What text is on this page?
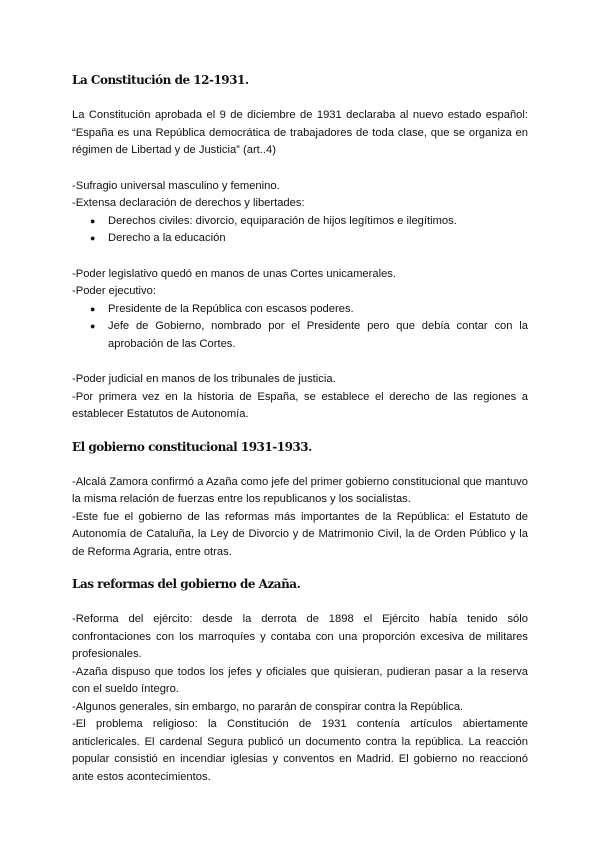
La Constitución de 12-1931.

La Constitución aprobada el 9 de diciembre de 1931 declaraba al nuevo estado español: “España es una República democrática de trabajadores de toda clase, que se organiza en régimen de Libertad y de Justicia” (art..4)

-Sufragio universal masculino y femenino.

-Extensa declaración de derechos y libertades:

● Derechos civiles: divorcio, equiparación de hijos legítimos e ilegítimos.
● Derecho a la educación

-Poder legislativo quedó en manos de unas Cortes unicamerales.

-Poder ejecutivo:

● Presidente de la República con escasos poderes.
● Jefe de Gobierno, nombrado por el Presidente pero que debía contar con la aprobación de las Cortes.

-Poder judicial en manos de los tribunales de justicia.

-Por primera vez en la historia de España, se establece el derecho de las regiones a establecer Estatutos de Autonomía.

El gobierno constitucional 1931-1933.

-Alcalá Zamora confirmó a Azaña como jefe del primer gobierno constitucional que mantuvo la misma relación de fuerzas entre los republicanos y los socialistas.

-Este fue el gobierno de las reformas más importantes de la República: el Estatuto de Autonomía de Cataluña, la Ley de Divorcio y de Matrimonio Civil, la de Orden Público y la de Reforma Agraria, entre otras.

Las reformas del gobierno de Azaña.

-Reforma del ejército: desde la derrota de 1898 el Ejército había tenido sólo confrontaciones con los marroquíes y contaba con una proporción excesiva de militares profesionales.

-Azaña dispuso que todos los jefes y oficiales que quisieran, pudieran pasar a la reserva con el sueldo íntegro.

-Algunos generales, sin embargo, no pararán de conspirar contra la República.

-El problema religioso: la Constitución de 1931 contenía artículos abiertamente anticlericales. El cardenal Segura publicó un documento contra la república. La reacción popular consistió en incendiar iglesias y conventos en Madrid. El gobierno no reaccionó ante estos acontecimientos.
